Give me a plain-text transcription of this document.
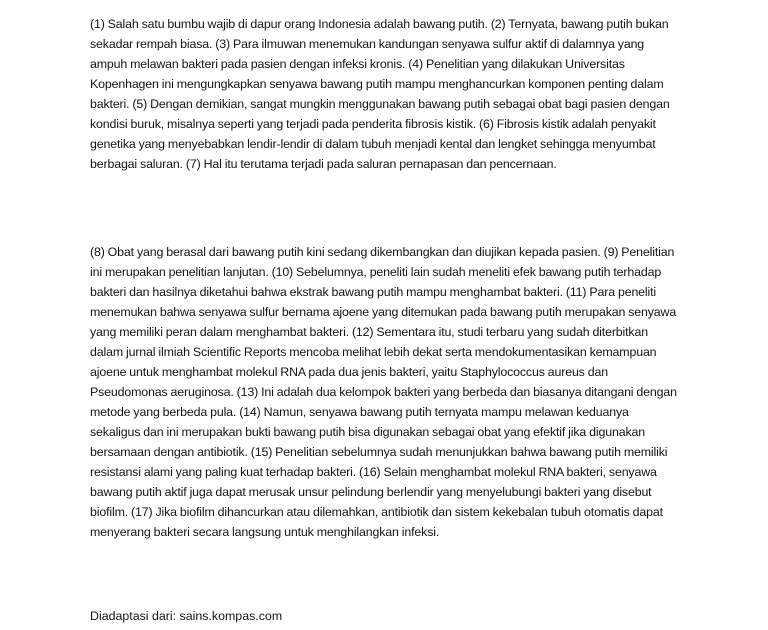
(1) Salah satu bumbu wajib di dapur orang Indonesia adalah bawang putih. (2) Ternyata, bawang putih bukan sekadar rempah biasa. (3) Para ilmuwan menemukan kandungan senyawa sulfur aktif di dalamnya yang ampuh melawan bakteri pada pasien dengan infeksi kronis. (4) Penelitian yang dilakukan Universitas Kopenhagen ini mengungkapkan senyawa bawang putih mampu menghancurkan komponen penting dalam bakteri. (5) Dengan demikian, sangat mungkin menggunakan bawang putih sebagai obat bagi pasien dengan kondisi buruk, misalnya seperti yang terjadi pada penderita fibrosis kistik. (6) Fibrosis kistik adalah penyakit genetika yang menyebabkan lendir-lendir di dalam tubuh menjadi kental dan lengket sehingga menyumbat berbagai saluran. (7) Hal itu terutama terjadi pada saluran pernapasan dan pencernaan.

(8) Obat yang berasal dari bawang putih kini sedang dikembangkan dan diujikan kepada pasien. (9) Penelitian ini merupakan penelitian lanjutan. (10) Sebelumnya, peneliti lain sudah meneliti efek bawang putih terhadap bakteri dan hasilnya diketahui bahwa ekstrak bawang putih mampu menghambat bakteri. (11) Para peneliti menemukan bahwa senyawa sulfur bernama ajoene yang ditemukan pada bawang putih merupakan senyawa yang memiliki peran dalam menghambat bakteri. (12) Sementara itu, studi terbaru yang sudah diterbitkan dalam jurnal ilmiah Scientific Reports mencoba melihat lebih dekat serta mendokumentasikan kemampuan ajoene untuk menghambat molekul RNA pada dua jenis bakteri, yaitu Staphylococcus aureus dan Pseudomonas aeruginosa. (13) Ini adalah dua kelompok bakteri yang berbeda dan biasanya ditangani dengan metode yang berbeda pula. (14) Namun, senyawa bawang putih ternyata mampu melawan keduanya sekaligus dan ini merupakan bukti bawang putih bisa digunakan sebagai obat yang efektif jika digunakan bersamaan dengan antibiotik. (15) Penelitian sebelumnya sudah menunjukkan bahwa bawang putih memiliki resistansi alami yang paling kuat terhadap bakteri. (16) Selain menghambat molekul RNA bakteri, senyawa bawang putih aktif juga dapat merusak unsur pelindung berlendir yang menyelubungi bakteri yang disebut biofilm. (17) Jika biofilm dihancurkan atau dilemahkan, antibiotik dan sistem kekebalan tubuh otomatis dapat menyerang bakteri secara langsung untuk menghilangkan infeksi.

Diadaptasi dari: sains.kompas.com
